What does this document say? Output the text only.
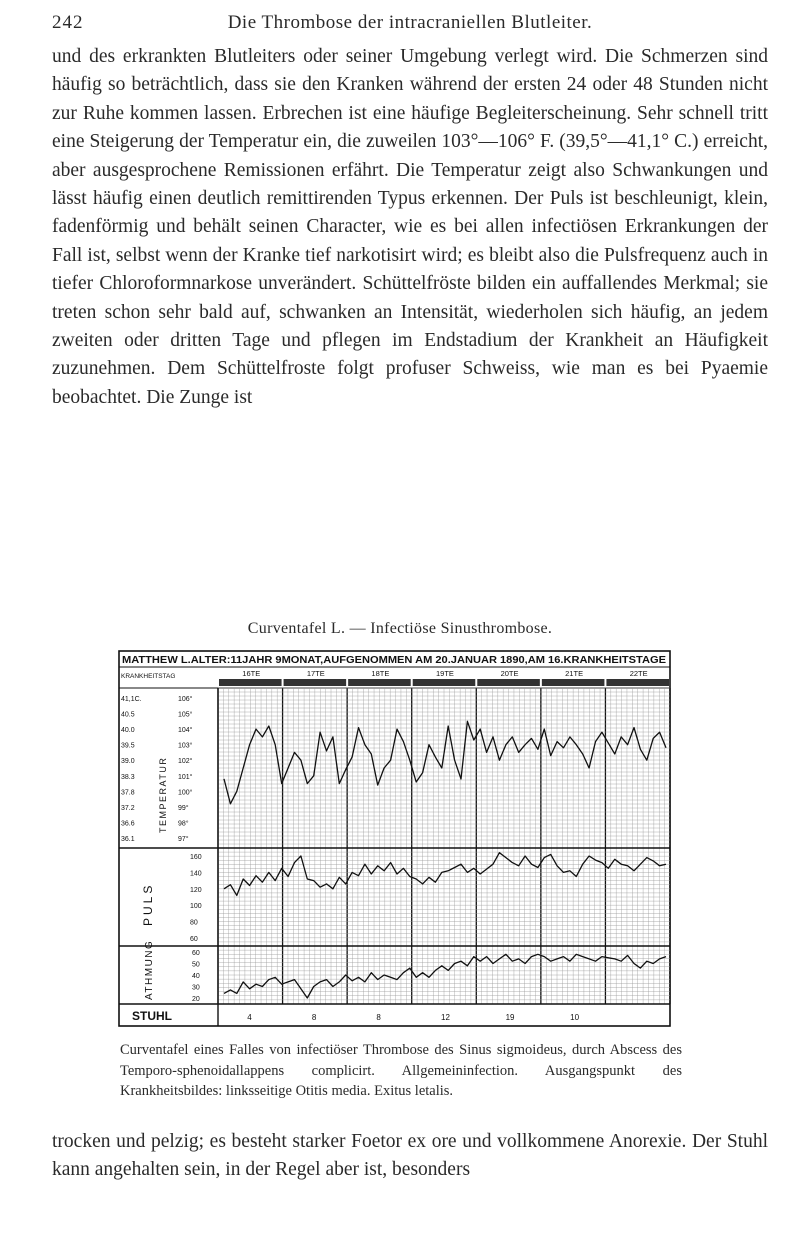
242	Die Thrombose der intracraniellen Blutleiter.

und des erkrankten Blutleiters oder seiner Umgebung verlegt wird. Die Schmerzen sind häufig so beträchtlich, dass sie den Kranken während der ersten 24 oder 48 Stunden nicht zur Ruhe kommen lassen. Erbrechen ist eine häufige Begleiterscheinung. Sehr schnell tritt eine Steigerung der Temperatur ein, die zuweilen 103°—106° F. (39,5°—41,1° C.) erreicht, aber ausgesprochene Remissionen erfährt. Die Temperatur zeigt also Schwankungen und lässt häufig einen deutlich remittirenden Typus erkennen. Der Puls ist beschleunigt, klein, fadenförmig und behält seinen Character, wie es bei allen infectiösen Erkrankungen der Fall ist, selbst wenn der Kranke tief narkotisirt wird; es bleibt also die Pulsfrequenz auch in tiefer Chloroformnarkose unverändert. Schüttelfröste bilden ein auffallendes Merkmal; sie treten schon sehr bald auf, schwanken an Intensität, wiederholen sich häufig, an jedem zweiten oder dritten Tage und pflegen im Endstadium der Krankheit an Häufigkeit zuzunehmen. Dem Schüttelfroste folgt profuser Schweiss, wie man es bei Pyaemie beobachtet. Die Zunge ist

Curventafel L. — Infectiöse Sinusthrombose.
MATTHEW L.ALTER:11JAHR 9MONAT,AUFGENOMMEN AM 20.JANUAR 1890,AM 16.KRANKHEITSTAGE
KRANKHEITSTAG	16TE	17TE	18TE	19TE	20TE	21TE	22TE
41,1C.	106°
40.5	105°
40.0	104°
39.5	103°
39.0	102°
38.3	101°
37.8	100°
37.2	99°
36.6	98°
36.1	97°
TEMPERATUR
160
140
120
100
80
60
PULS
60
50
40
30
20
ATHMUNG
STUHL	4	8	8	12	19	10

Curventafel eines Falles von infectiöser Thrombose des Sinus sigmoideus, durch Abscess des Temporo-sphenoidallappens complicirt. Allgemeininfection. Ausgangspunkt des Krankheitsbildes: linksseitige Otitis media. Exitus letalis.

trocken und pelzig; es besteht starker Foetor ex ore und vollkommene Anorexie. Der Stuhl kann angehalten sein, in der Regel aber ist, besonders
